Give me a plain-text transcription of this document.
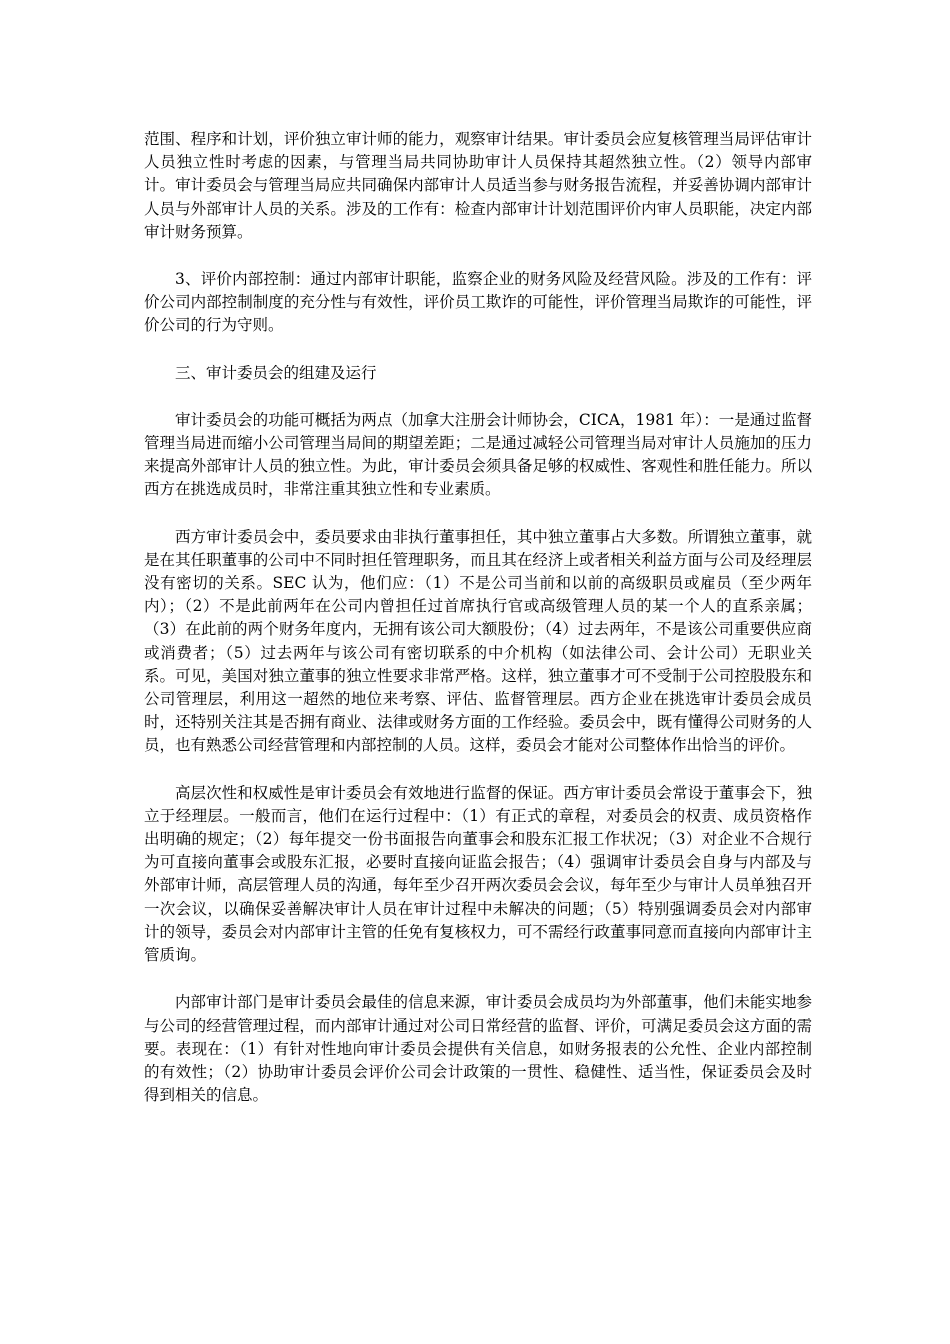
范围、程序和计划，评价独立审计师的能力，观察审计结果。审计委员会应复核管理当局评估审计人员独立性时考虑的因素，与管理当局共同协助审计人员保持其超然独立性。（2）领导内部审计。审计委员会与管理当局应共同确保内部审计人员适当参与财务报告流程，并妥善协调内部审计人员与外部审计人员的关系。涉及的工作有：检查内部审计计划范围评价内审人员职能，决定内部审计财务预算。

3、评价内部控制：通过内部审计职能，监察企业的财务风险及经营风险。涉及的工作有：评价公司内部控制制度的充分性与有效性，评价员工欺诈的可能性，评价管理当局欺诈的可能性，评价公司的行为守则。

三、审计委员会的组建及运行

审计委员会的功能可概括为两点（加拿大注册会计师协会，CICA，1981 年）：一是通过监督管理当局进而缩小公司管理当局间的期望差距；二是通过减轻公司管理当局对审计人员施加的压力来提高外部审计人员的独立性。为此，审计委员会须具备足够的权威性、客观性和胜任能力。所以西方在挑选成员时，非常注重其独立性和专业素质。

西方审计委员会中，委员要求由非执行董事担任，其中独立董事占大多数。所谓独立董事，就是在其任职董事的公司中不同时担任管理职务，而且其在经济上或者相关利益方面与公司及经理层没有密切的关系。SEC 认为，他们应：（1）不是公司当前和以前的高级职员或雇员（至少两年内）；（2）不是此前两年在公司内曾担任过首席执行官或高级管理人员的某一个人的直系亲属；（3）在此前的两个财务年度内，无拥有该公司大额股份；（4）过去两年，不是该公司重要供应商或消费者；（5）过去两年与该公司有密切联系的中介机构（如法律公司、会计公司）无职业关系。可见，美国对独立董事的独立性要求非常严格。这样，独立董事才可不受制于公司控股股东和公司管理层，利用这一超然的地位来考察、评估、监督管理层。西方企业在挑选审计委员会成员时，还特别关注其是否拥有商业、法律或财务方面的工作经验。委员会中，既有懂得公司财务的人员，也有熟悉公司经营管理和内部控制的人员。这样，委员会才能对公司整体作出恰当的评价。

高层次性和权威性是审计委员会有效地进行监督的保证。西方审计委员会常设于董事会下，独立于经理层。一般而言，他们在运行过程中：（1）有正式的章程，对委员会的权责、成员资格作出明确的规定；（2）每年提交一份书面报告向董事会和股东汇报工作状况；（3）对企业不合规行为可直接向董事会或股东汇报，必要时直接向证监会报告；（4）强调审计委员会自身与内部及与外部审计师，高层管理人员的沟通，每年至少召开两次委员会会议，每年至少与审计人员单独召开一次会议，以确保妥善解决审计人员在审计过程中未解决的问题；（5）特别强调委员会对内部审计的领导，委员会对内部审计主管的任免有复核权力，可不需经行政董事同意而直接向内部审计主管质询。

内部审计部门是审计委员会最佳的信息来源，审计委员会成员均为外部董事，他们未能实地参与公司的经营管理过程，而内部审计通过对公司日常经营的监督、评价，可满足委员会这方面的需要。表现在：（1）有针对性地向审计委员会提供有关信息，如财务报表的公允性、企业内部控制的有效性；（2）协助审计委员会评价公司会计政策的一贯性、稳健性、适当性，保证委员会及时得到相关的信息。
